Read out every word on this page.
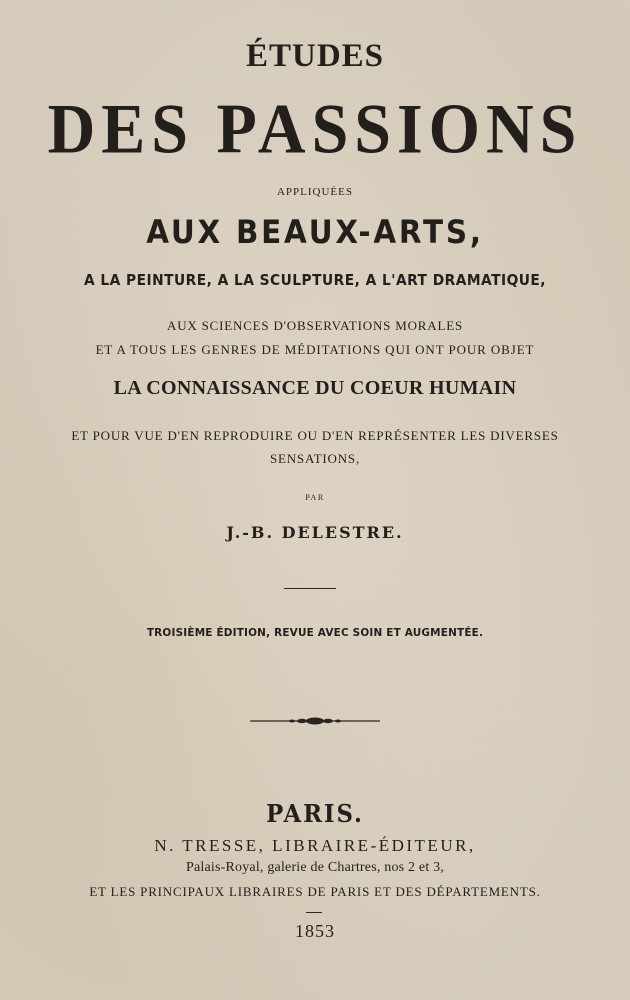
ÉTUDES
DES PASSIONS
APPLIQUÉES
AUX BEAUX-ARTS,
A LA PEINTURE, A LA SCULPTURE, A L'ART DRAMATIQUE,
AUX SCIENCES D'OBSERVATIONS MORALES
ET A TOUS LES GENRES DE MÉDITATIONS QUI ONT POUR OBJET
LA CONNAISSANCE DU COEUR HUMAIN
ET POUR VUE D'EN REPRODUIRE OU D'EN REPRÉSENTER LES DIVERSES
SENSATIONS,
PAR
J.-B. DELESTRE.
TROISIÈME ÉDITION, REVUE AVEC SOIN ET AUGMENTÉE.
PARIS.
N. TRESSE, LIBRAIRE-ÉDITEUR,
Palais-Royal, galerie de Chartres, nos 2 et 3,
ET LES PRINCIPAUX LIBRAIRES DE PARIS ET DES DÉPARTEMENTS.
1853
